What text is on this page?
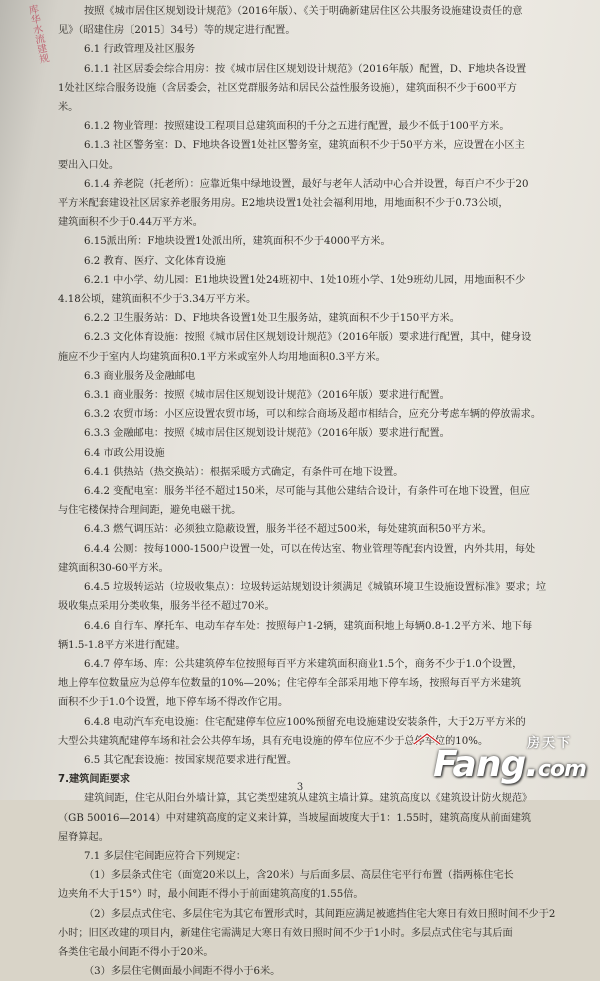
库华水流建规	按照《城市居住区规划设计规范》（2016年版）、《关于明确新建居住区公共服务设施建设责任的意
见》（昭建住房〔2015〕34号）等的规定进行配置。
6.1 行政管理及社区服务
6.1.1 社区居委会综合用房：按《城市居住区规划设计规范》（2016年版）配置，D、F地块各设置
1处社区综合服务设施（含居委会，社区党群服务站和居民公益性服务设施），建筑面积不少于600平方
米。
6.1.2 物业管理：按照建设工程项目总建筑面积的千分之五进行配置，最少不低于100平方米。
6.1.3 社区警务室：D、F地块各设置1处社区警务室，建筑面积不少于50平方米，应设置在小区主
要出入口处。
6.1.4 养老院（托老所）：应靠近集中绿地设置，最好与老年人活动中心合并设置，每百户不少于20
平方米配套建设社区居家养老服务用房。E2地块设置1处社会福利用地，用地面积不少于0.73公顷，
建筑面积不少于0.44万平方米。
6.15派出所：F地块设置1处派出所，建筑面积不少于4000平方米。
6.2 教育、医疗、文化体育设施
6.2.1 中小学、幼儿园：E1地块设置1处24班初中、1处10班小学、1处9班幼儿园，用地面积不少
4.18公顷，建筑面积不少于3.34万平方米。
6.2.2 卫生服务站：D、F地块各设置1处卫生服务站，建筑面积不少于150平方米。
6.2.3 文化体育设施：按照《城市居住区规划设计规范》（2016年版）要求进行配置，其中，健身设
施应不少于室内人均建筑面积0.1平方米或室外人均用地面积0.3平方米。
6.3 商业服务及金融邮电
6.3.1 商业服务：按照《城市居住区规划设计规范》（2016年版）要求进行配置。
6.3.2 农贸市场：小区应设置农贸市场，可以和综合商场及超市相结合，应充分考虑车辆的停放需求。
6.3.3 金融邮电：按照《城市居住区规划设计规范》（2016年版）要求进行配置。
6.4 市政公用设施
6.4.1 供热站（热交换站）：根据采暖方式确定，有条件可在地下设置。
6.4.2 变配电室：服务半径不超过150米，尽可能与其他公建结合设计，有条件可在地下设置，但应
与住宅楼保持合理间距，避免电磁干扰。
6.4.3 燃气调压站：必须独立隐蔽设置，服务半径不超过500米，每处建筑面积50平方米。
6.4.4 公厕：按每1000-1500户设置一处，可以在传达室、物业管理等配套内设置，内外共用，每处
建筑面积30-60平方米。
6.4.5 垃圾转运站（垃圾收集点）：垃圾转运站规划设计须满足《城镇环境卫生设施设置标准》要求；垃
圾收集点采用分类收集，服务半径不超过70米。
6.4.6 自行车、摩托车、电动车存车处：按照每户1-2辆，建筑面积地上每辆0.8-1.2平方米、地下每
辆1.5-1.8平方米进行配建。
6.4.7 停车场、库：公共建筑停车位按照每百平方米建筑面积商业1.5个，商务不少于1.0个设置，
地上停车位数量应为总停车位数量的10%—20%；住宅停车全部采用地下停车场，按照每百平方米建筑
面积不少于1.0个设置，地下停车场不得改作它用。
6.4.8 电动汽车充电设施：住宅配建停车位应100%预留充电设施建设安装条件，大于2万平方米的
大型公共建筑配建停车场和社会公共停车场，具有充电设施的停车位应不少于总停车位的10%。
6.5 其它配套设施：按国家规范要求进行配置。
7.建筑间距要求
建筑间距，住宅从阳台外墙计算，其它类型建筑从建筑主墙计算。建筑高度以《建筑设计防火规范》
（GB 50016—2014）中对建筑高度的定义来计算，当坡屋面坡度大于1：1.55时，建筑高度从前面建筑
屋脊算起。
7.1 多层住宅间距应符合下列规定：
（1）多层条式住宅（面宽20米以上，含20米）与后面多层、高层住宅平行布置（指两栋住宅长
边夹角不大于15°）时，最小间距不得小于前面建筑高度的1.55倍。
（2）多层点式住宅、多层住宅为其它布置形式时，其间距应满足被遮挡住宅大寒日有效日照时间不少于2
小时；旧区改建的项目内，新建住宅需满足大寒日有效日照时间不少于1小时。多层点式住宅与其后面
各类住宅最小间距不得小于20米。
（3）多层住宅侧面最小间距不得小于6米。
3
房天下
Fang.com
